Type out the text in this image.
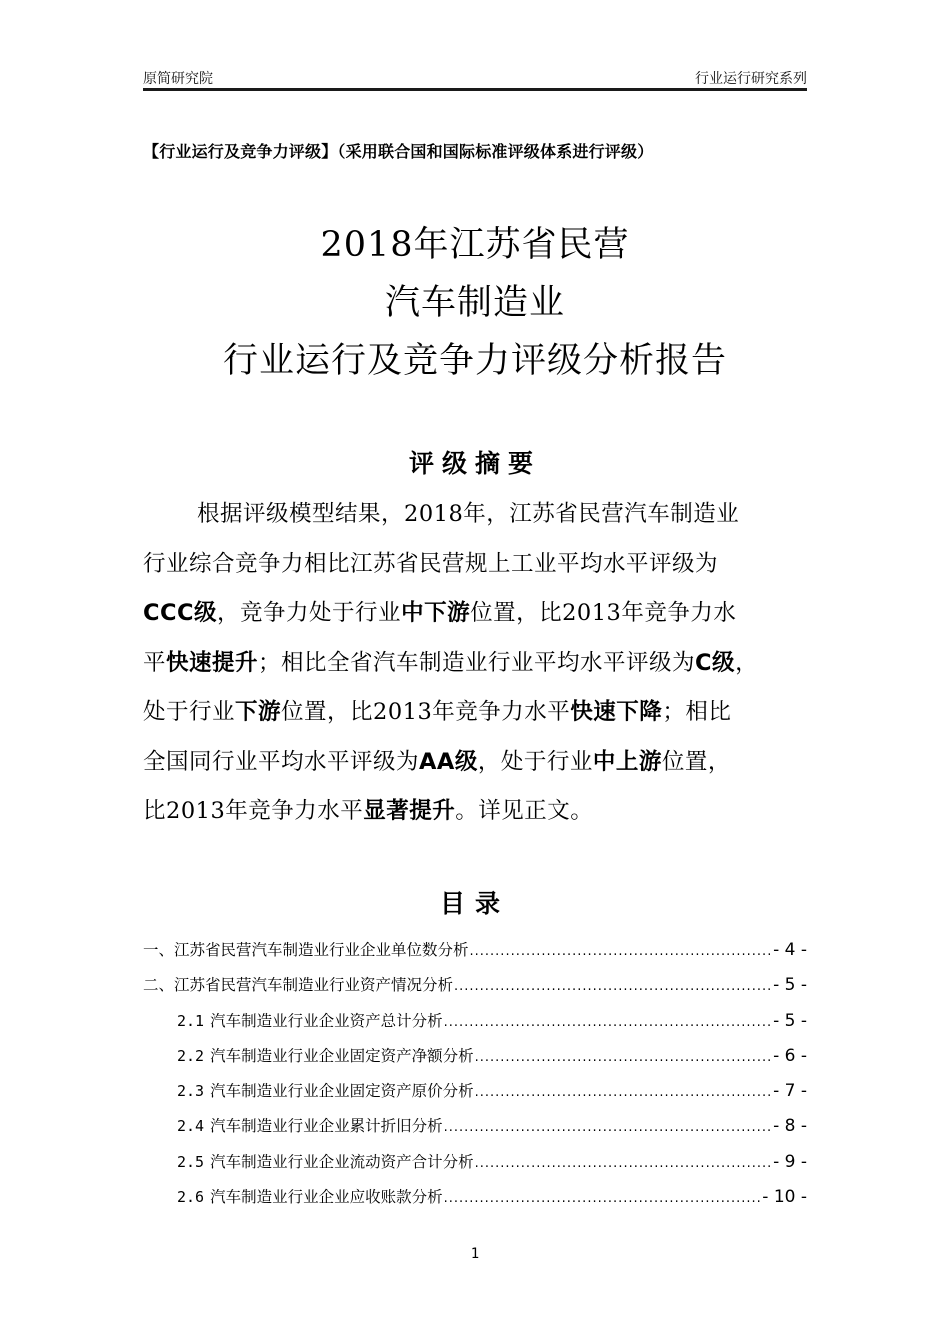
原简研究院	行业运行研究系列
【行业运行及竞争力评级】（采用联合国和国际标准评级体系进行评级）
2018年江苏省民营
汽车制造业
行业运行及竞争力评级分析报告
评级摘要
根据评级模型结果，2018年，江苏省民营汽车制造业
行业综合竞争力相比江苏省民营规上工业平均水平评级为
CCC级，竞争力处于行业中下游位置，比2013年竞争力水
平快速提升；相比全省汽车制造业行业平均水平评级为C级，
处于行业下游位置，比2013年竞争力水平快速下降；相比
全国同行业平均水平评级为AA级，处于行业中上游位置，
比2013年竞争力水平显著提升。详见正文。
目录
一、江苏省民营汽车制造业行业企业单位数分析 .....	- 4 -
二、江苏省民营汽车制造业行业资产情况分析 .....	- 5 -
2.1 汽车制造业行业企业资产总计分析 .....	- 5 -
2.2 汽车制造业行业企业固定资产净额分析 .....	- 6 -
2.3 汽车制造业行业企业固定资产原价分析 .....	- 7 -
2.4 汽车制造业行业企业累计折旧分析 .....	- 8 -
2.5 汽车制造业行业企业流动资产合计分析 .....	- 9 -
2.6 汽车制造业行业企业应收账款分析 .....	- 10 -
1
